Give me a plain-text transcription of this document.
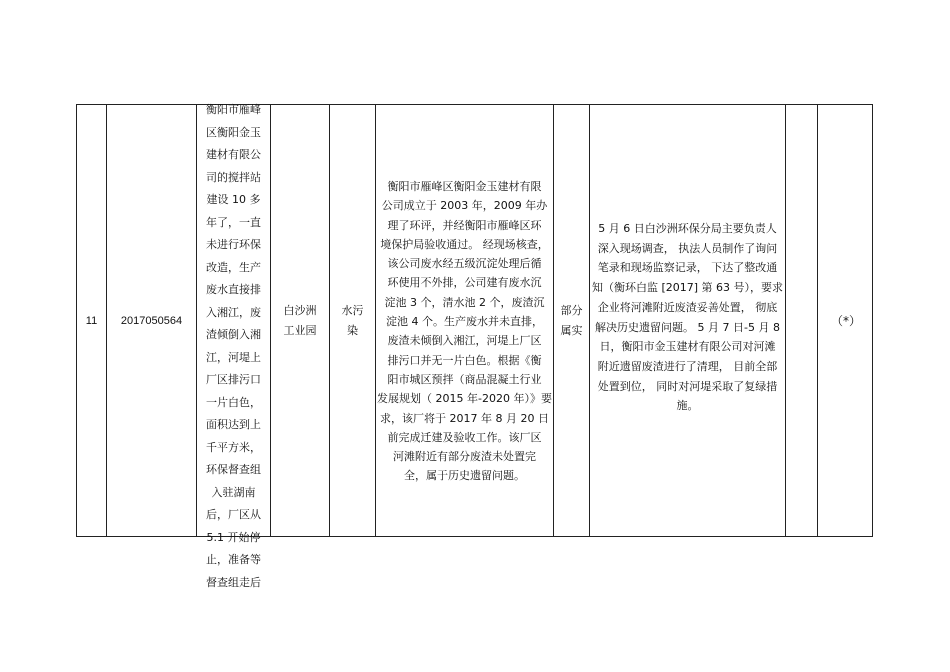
11 2017050564
衡阳市雁峰
区衡阳金玉
建材有限公
司的搅拌站
建设 10 多
年了，一直
未进行环保
改造，生产
废水直接排
入湘江，废
渣倾倒入湘
江，河堤上
厂区排污口
一片白色，
面积达到上
千平方米，
环保督查组
入驻湖南
后，厂区从
5.1 开始停
止，准备等
督查组走后
白沙洲
工业园
水污
染
衡阳市雁峰区衡阳金玉建材有限
公司成立于 2003 年，2009 年办
理了环评，并经衡阳市雁峰区环
境保护局验收通过。 经现场核查，
该公司废水经五级沉淀处理后循
环使用不外排，公司建有废水沉
淀池 3 个，清水池 2 个，废渣沉
淀池 4 个。生产废水并未直排，
废渣未倾倒入湘江，河堤上厂区
排污口并无一片白色。根据《衡
阳市城区预拌（商品混凝土行业
发展规划（ 2015 年-2020 年）》要
求，该厂将于 2017 年 8 月 20 日
前完成迁建及验收工作。该厂区
河滩附近有部分废渣未处置完
全，属于历史遗留问题。
部分
属实
5 月 6 日白沙洲环保分局主要负责人
深入现场调查， 执法人员制作了询问
笔录和现场监察记录， 下达了整改通
知（衡环白监 [2017] 第 63 号），要求
企业将河滩附近废渣妥善处置， 彻底
解决历史遗留问题。 5 月 7 日-5 月 8
日，衡阳市金玉建材有限公司对河滩
附近遗留废渣进行了清理， 目前全部
处置到位， 同时对河堤采取了复绿措
施。
（*）
